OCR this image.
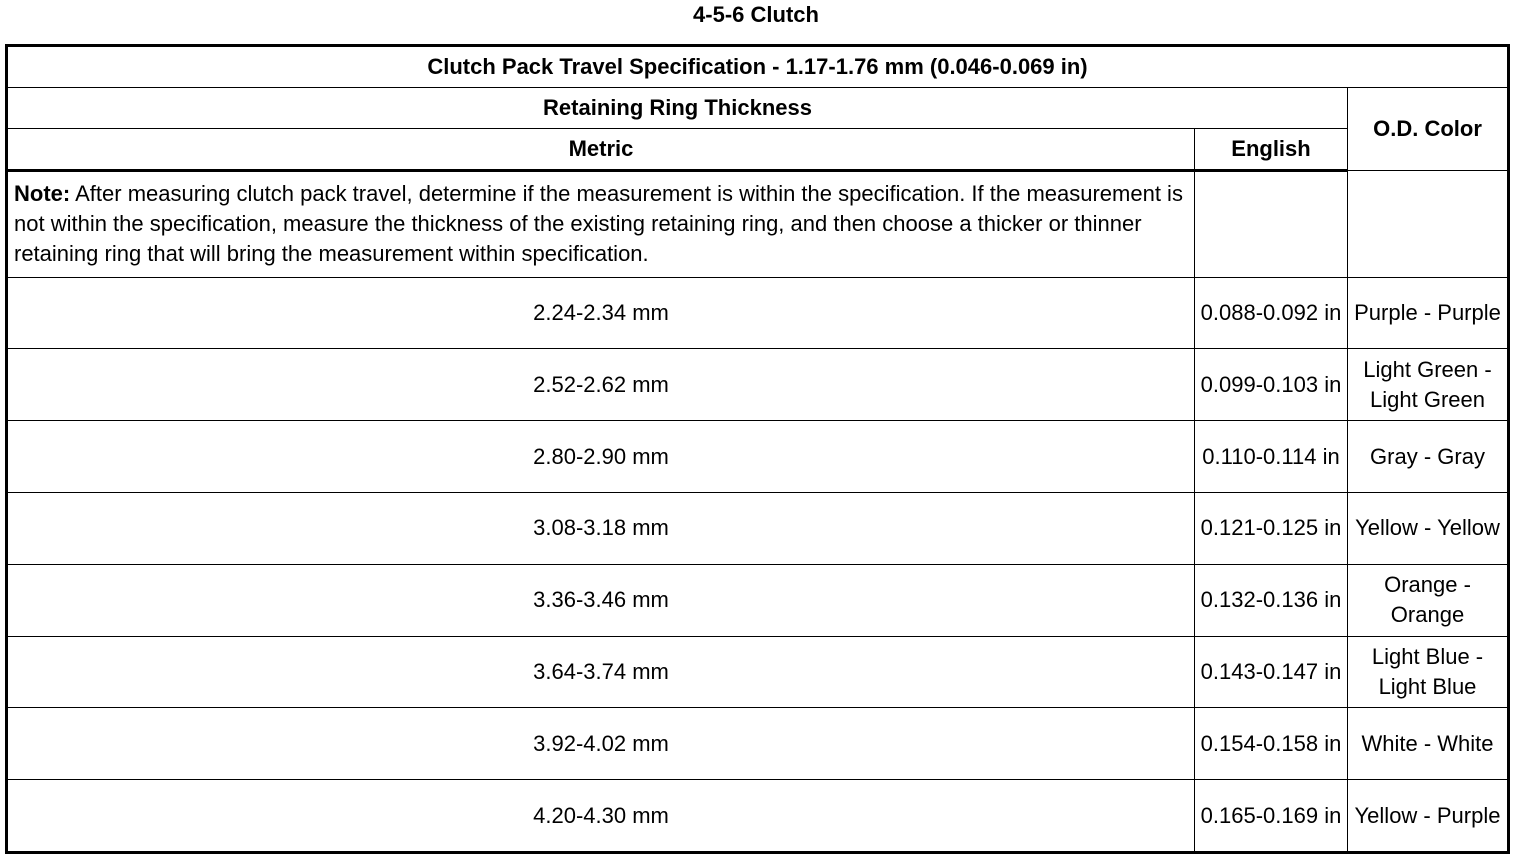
4-5-6 Clutch
Clutch Pack Travel Specification - 1.17-1.76 mm (0.046-0.069 in)		
Retaining Ring Thickness		O.D. Color
Metric	English	
Note: After measuring clutch pack travel, determine if the measurement is within the specification. If the measurement is not within the specification, measure the thickness of the existing retaining ring, and then choose a thicker or thinner retaining ring that will bring the measurement within specification.		
2.24-2.34 mm	0.088-0.092 in	Purple - Purple
2.52-2.62 mm	0.099-0.103 in	Light Green - Light Green
2.80-2.90 mm	0.110-0.114 in	Gray - Gray
3.08-3.18 mm	0.121-0.125 in	Yellow - Yellow
3.36-3.46 mm	0.132-0.136 in	Orange - Orange
3.64-3.74 mm	0.143-0.147 in	Light Blue - Light Blue
3.92-4.02 mm	0.154-0.158 in	White - White
4.20-4.30 mm	0.165-0.169 in	Yellow - Purple
